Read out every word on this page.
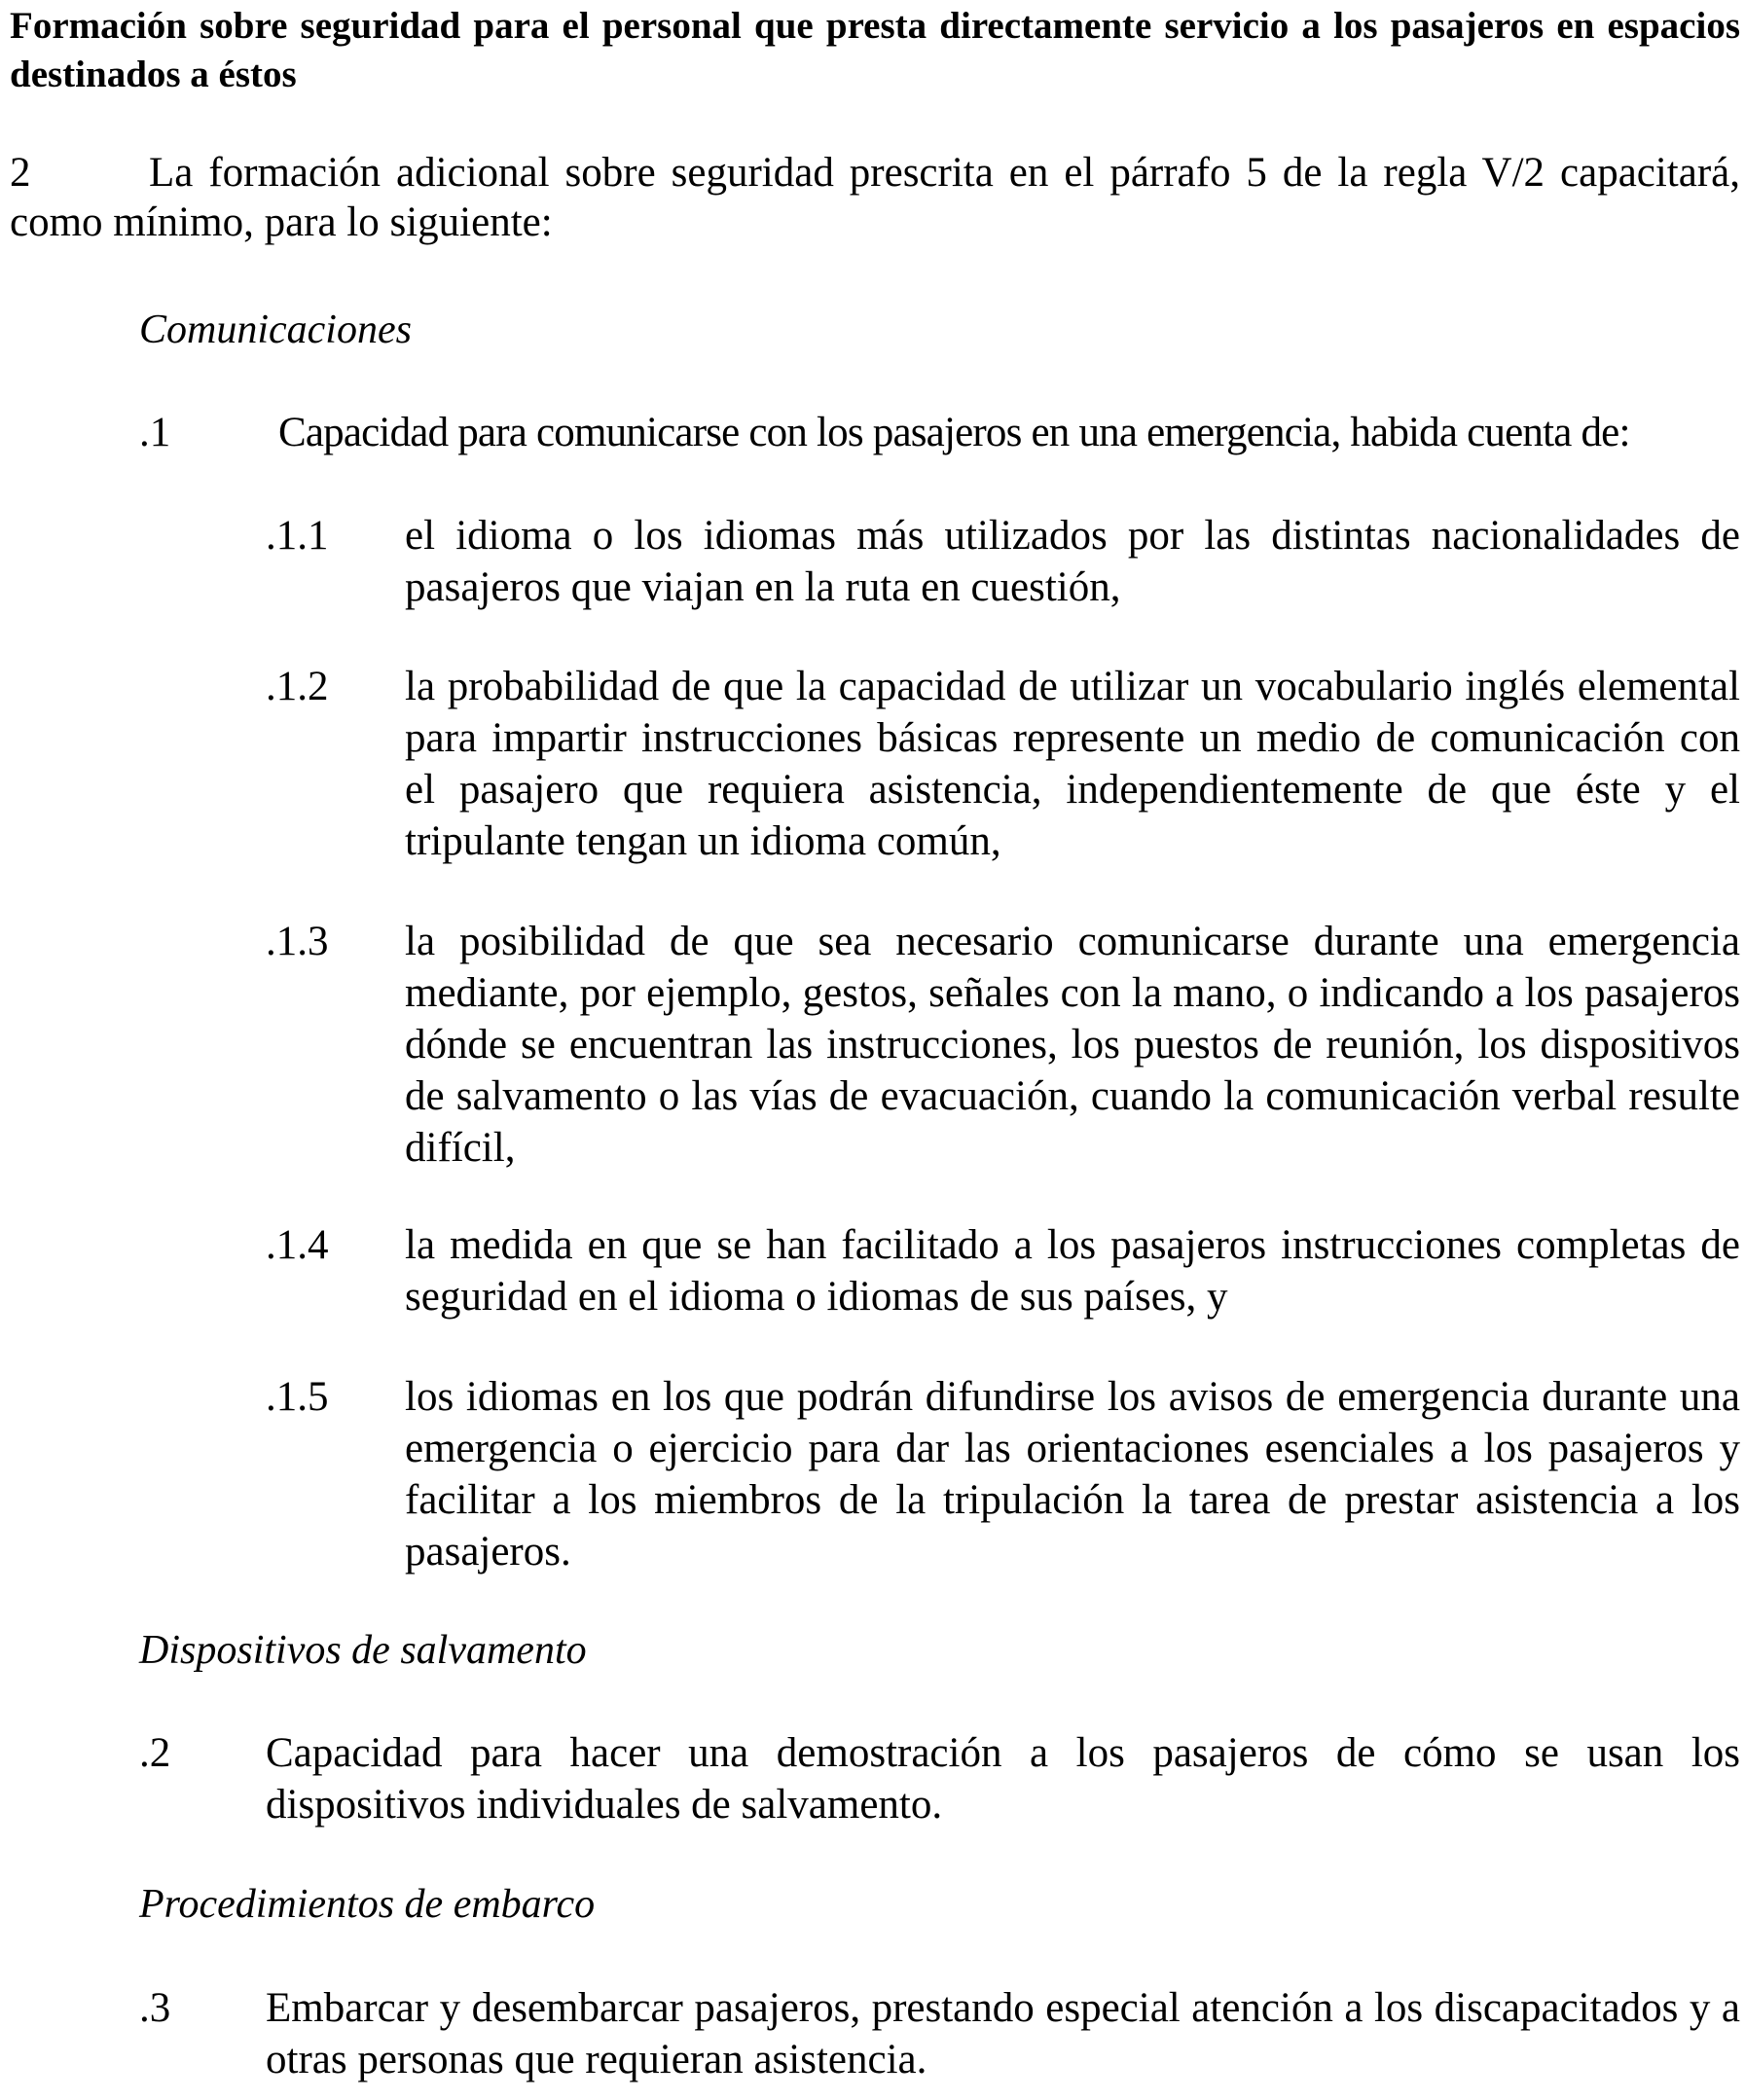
Formación sobre seguridad para el personal que presta directamente servicio a los pasajeros en espacios destinados a éstos

2	La formación adicional sobre seguridad prescrita en el párrafo 5 de la regla V/2 capacitará, como mínimo, para lo siguiente:

Comunicaciones

.1	Capacidad para comunicarse con los pasajeros en una emergencia, habida cuenta de:
.1.1 el idioma o los idiomas más utilizados por las distintas nacionalidades de pasajeros que viajan en la ruta en cuestión,
.1.2 la probabilidad de que la capacidad de utilizar un vocabulario inglés elemental para impartir instrucciones básicas represente un medio de comunicación con el pasajero que requiera asistencia, independientemente de que éste y el tripulante tengan un idioma común,
.1.3 la posibilidad de que sea necesario comunicarse durante una emergencia mediante, por ejemplo, gestos, señales con la mano, o indicando a los pasajeros dónde se encuentran las instrucciones, los puestos de reunión, los dispositivos de salvamento o las vías de evacuación, cuando la comunicación verbal resulte difícil,
.1.4 la medida en que se han facilitado a los pasajeros instrucciones completas de seguridad en el idioma o idiomas de sus países, y
.1.5 los idiomas en los que podrán difundirse los avisos de emergencia durante una emergencia o ejercicio para dar las orientaciones esenciales a los pasajeros y facilitar a los miembros de la tripulación la tarea de prestar asistencia a los pasajeros.

Dispositivos de salvamento

.2 Capacidad para hacer una demostración a los pasajeros de cómo se usan los dispositivos individuales de salvamento.

Procedimientos de embarco

.3 Embarcar y desembarcar pasajeros, prestando especial atención a los discapacitados y a otras personas que requieran asistencia.
